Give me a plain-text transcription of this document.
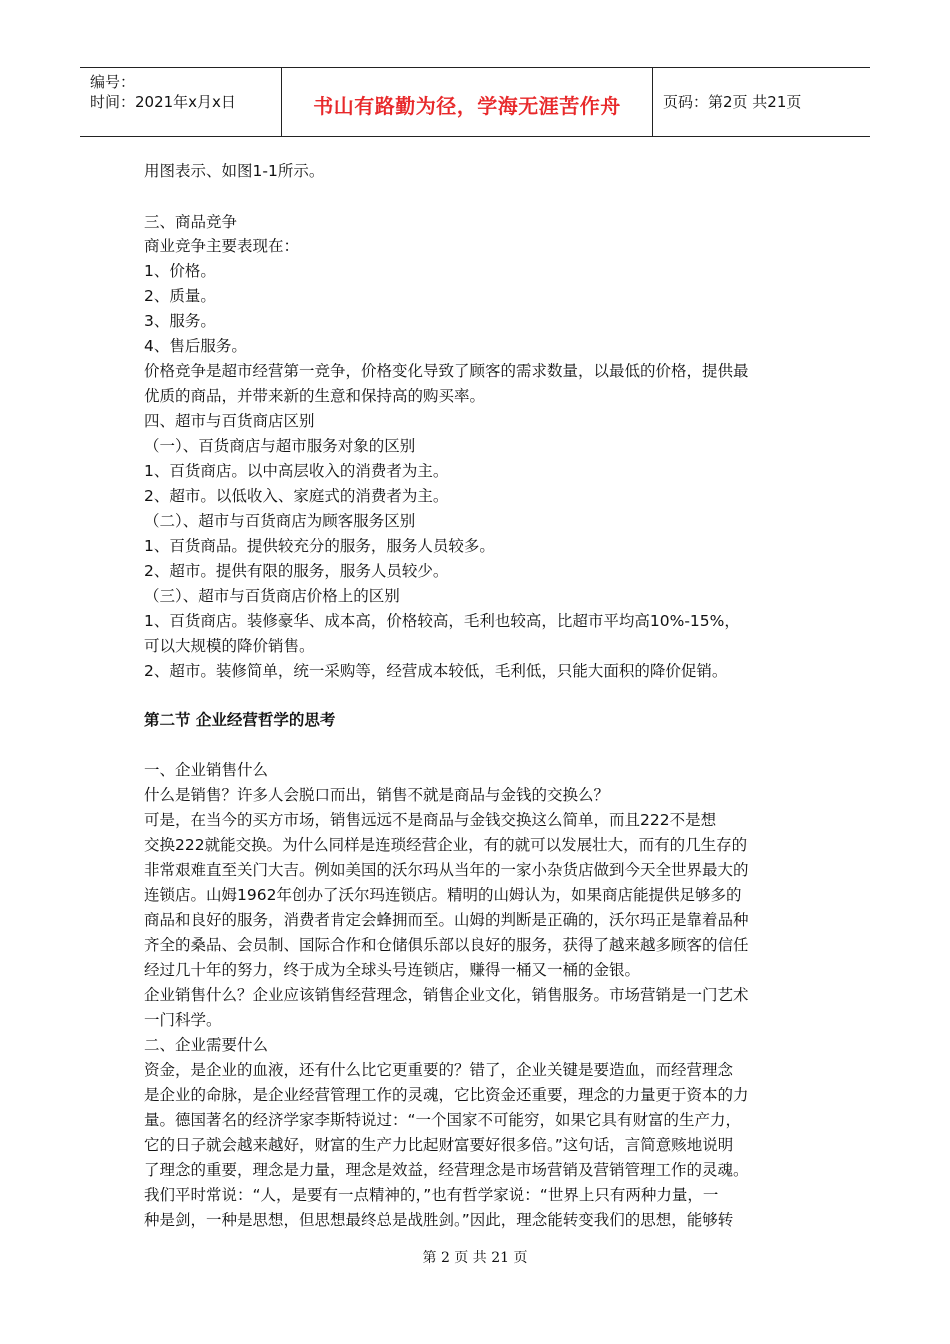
编号：
时间：2021年x月x日	书山有路勤为径，学海无涯苦作舟	页码：第2页 共21页
用图表示、如图1-1所示。
三、商品竞争
商业竞争主要表现在：
1、价格。
2、质量。
3、服务。
4、售后服务。
价格竞争是超市经营第一竞争，价格变化导致了顾客的需求数量，以最低的价格，提供最
优质的商品，并带来新的生意和保持高的购买率。
四、超市与百货商店区别
（一）、百货商店与超市服务对象的区别
1、百货商店。以中高层收入的消费者为主。
2、超市。以低收入、家庭式的消费者为主。
（二）、超市与百货商店为顾客服务区别
1、百货商品。提供较充分的服务，服务人员较多。
2、超市。提供有限的服务，服务人员较少。
（三）、超市与百货商店价格上的区别
1、百货商店。装修豪华、成本高，价格较高，毛利也较高，比超市平均高10%-15%，
可以大规模的降价销售。
2、超市。装修简单，统一采购等，经营成本较低，毛利低，只能大面积的降价促销。
第二节 企业经营哲学的思考
一、企业销售什么
什么是销售？许多人会脱口而出，销售不就是商品与金钱的交换么？
可是，在当今的买方市场，销售远远不是商品与金钱交换这么简单，而且222不是想
交换222就能交换。为什么同样是连琐经营企业，有的就可以发展壮大，而有的几生存的
非常艰难直至关门大吉。例如美国的沃尔玛从当年的一家小杂货店做到今天全世界最大的
连锁店。山姆1962年创办了沃尔玛连锁店。精明的山姆认为，如果商店能提供足够多的
商品和良好的服务，消费者肯定会蜂拥而至。山姆的判断是正确的，沃尔玛正是靠着品种
齐全的桑品、会员制、国际合作和仓储俱乐部以良好的服务，获得了越来越多顾客的信任
经过几十年的努力，终于成为全球头号连锁店，赚得一桶又一桶的金银。
企业销售什么？企业应该销售经营理念，销售企业文化，销售服务。市场营销是一门艺术
一门科学。
二、企业需要什么
资金，是企业的血液，还有什么比它更重要的？错了，企业关键是要造血，而经营理念
是企业的命脉，是企业经营管理工作的灵魂，它比资金还重要，理念的力量更于资本的力
量。德国著名的经济学家李斯特说过：“一个国家不可能穷，如果它具有财富的生产力，
它的日子就会越来越好，财富的生产力比起财富要好很多倍。”这句话，言简意赅地说明
了理念的重要，理念是力量，理念是效益，经营理念是市场营销及营销管理工作的灵魂。
我们平时常说：“人，是要有一点精神的，”也有哲学家说：“世界上只有两种力量，一
种是剑，一种是思想，但思想最终总是战胜剑。”因此，理念能转变我们的思想，能够转
第 2 页 共 21 页
